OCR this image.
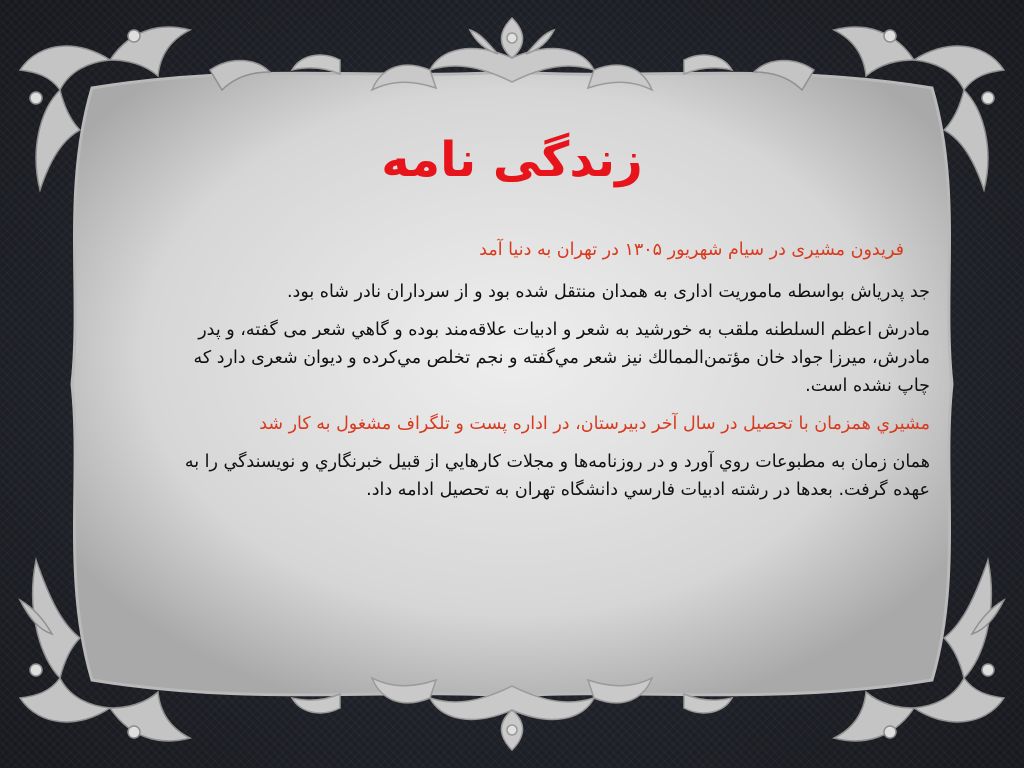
زندگی نامه

فریدون مشیری در سیام شهریور ۱۳۰۵ در تهران به دنیا آمد

جد پدریاش بواسطه ماموریت اداری به همدان منتقل شده بود و از سرداران نادر شاه بود.

مادرش اعظم السلطنه ملقب به خورشید به شعر و ادبیات علاقه‌مند بوده و گاهي شعر می گفته، و پدر مادرش، میرزا جواد خان مؤتمن‌الممالك نیز شعر مي‌گفته و نجم تخلص مي‌کرده و دیوان شعری دارد که چاپ نشده است.

مشيري همزمان با تحصيل در سال آخر دبيرستان، در اداره پست و تلگراف مشغول به کار شد

همان زمان به مطبوعات روي آورد و در روزنامه‌ها و مجلات كارهايي از قبيل خبرنگاري و نويسندگي را به عهده گرفت. بعدها در رشته ادبيات فارسي دانشگاه تهران به تحصيل ادامه داد.
